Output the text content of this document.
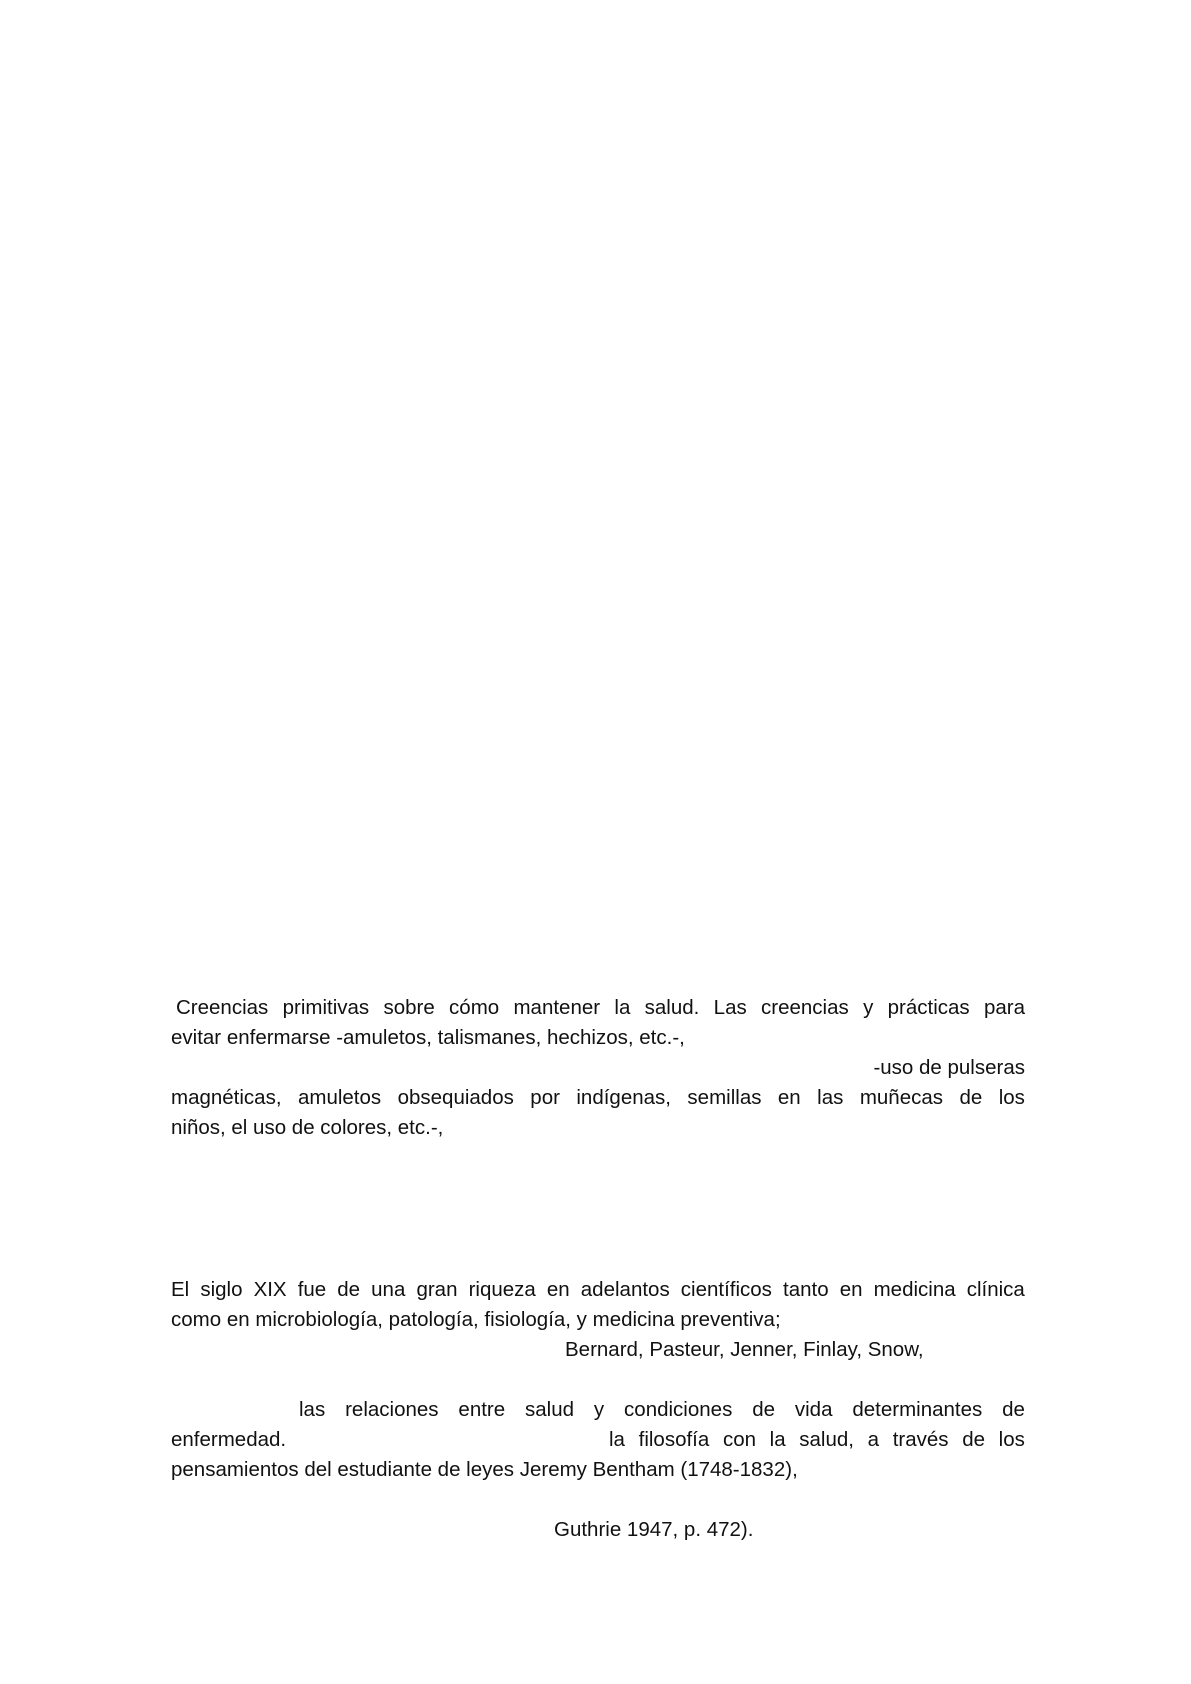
Creencias primitivas sobre cómo mantener la salud. Las creencias y prácticas para
evitar enfermarse -amuletos, talismanes, hechizos, etc.-,
-uso de pulseras
magnéticas, amuletos obsequiados por indígenas, semillas en las muñecas de los
niños, el uso de colores, etc.-,
El siglo XIX fue de una gran riqueza en adelantos científicos tanto en medicina clínica
como en microbiología, patología, fisiología, y medicina preventiva;
Bernard, Pasteur, Jenner, Finlay, Snow,
las relaciones entre salud y condiciones de vida determinantes de
enfermedad.	la filosofía con la salud, a través de los
pensamientos del estudiante de leyes Jeremy Bentham (1748-1832),
Guthrie 1947, p. 472).
